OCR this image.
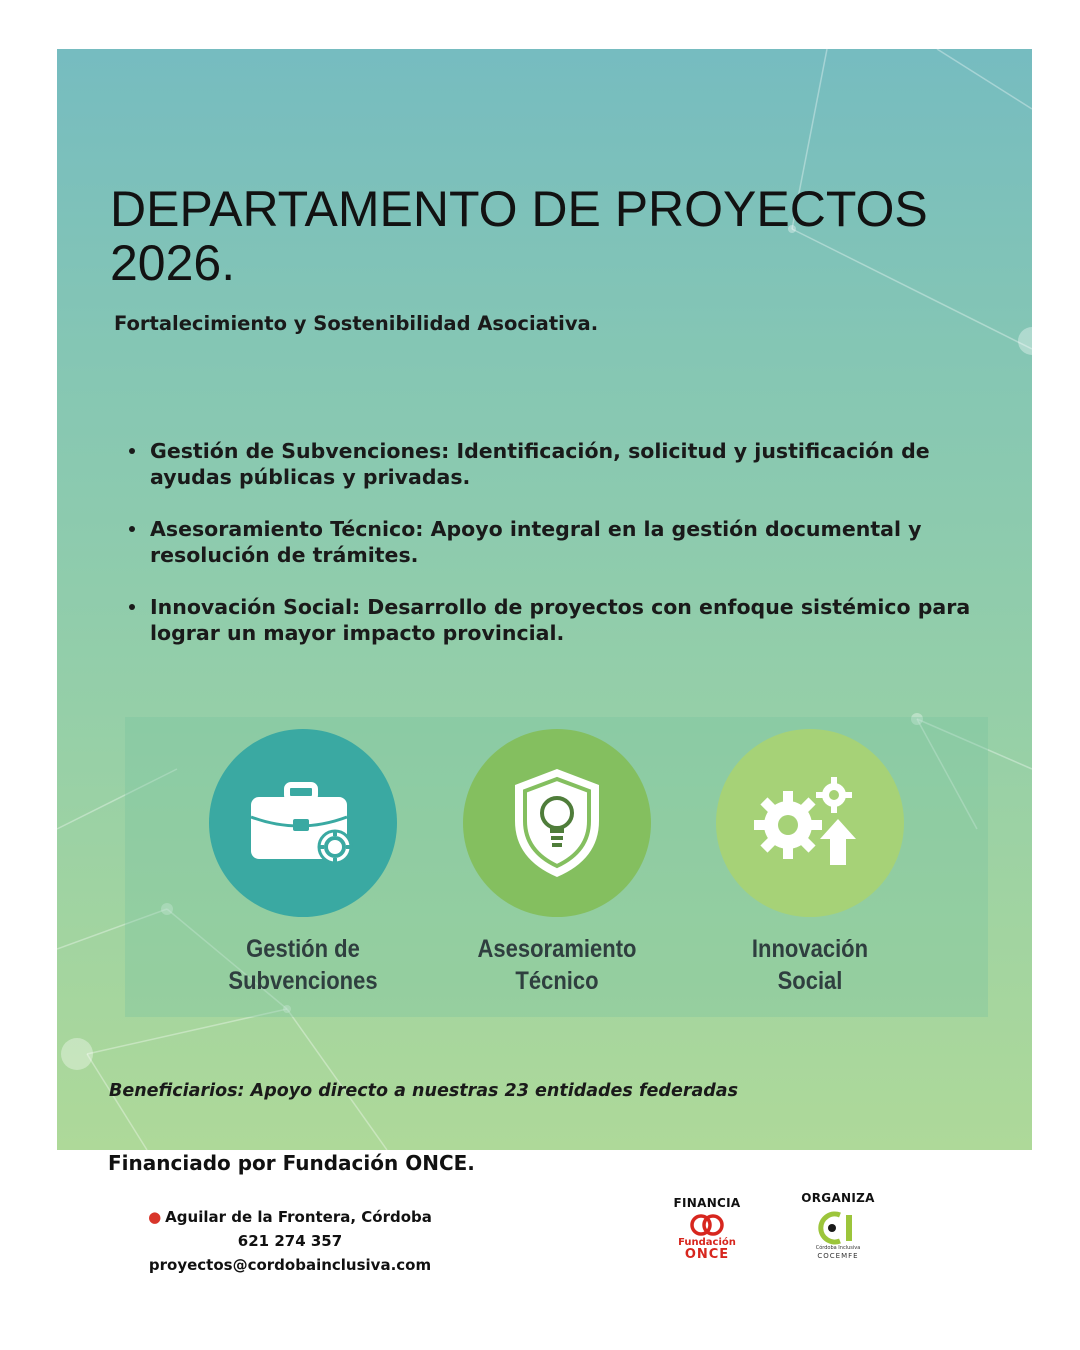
DEPARTAMENTO DE PROYECTOS 2026.

Fortalecimiento y Sostenibilidad Asociativa.

Gestión de Subvenciones: Identificación, solicitud y justificación de ayudas públicas y privadas.
Asesoramiento Técnico: Apoyo integral en la gestión documental y resolución de trámites.
Innovación Social: Desarrollo de proyectos con enfoque sistémico para lograr un mayor impacto provincial.
Gestión de
Subvenciones
Asesoramiento
Técnico
Innovación
Social

Beneficiarios: Apoyo directo a nuestras 23 entidades federadas

Financiado por Fundación ONCE.

● Aguilar de la Frontera, Córdoba
621 274 357
proyectos@cordobainclusiva.com
FINANCIA
Fundación
ONCE
ORGANIZA
Córdoba Inclusiva
COCEMFE
